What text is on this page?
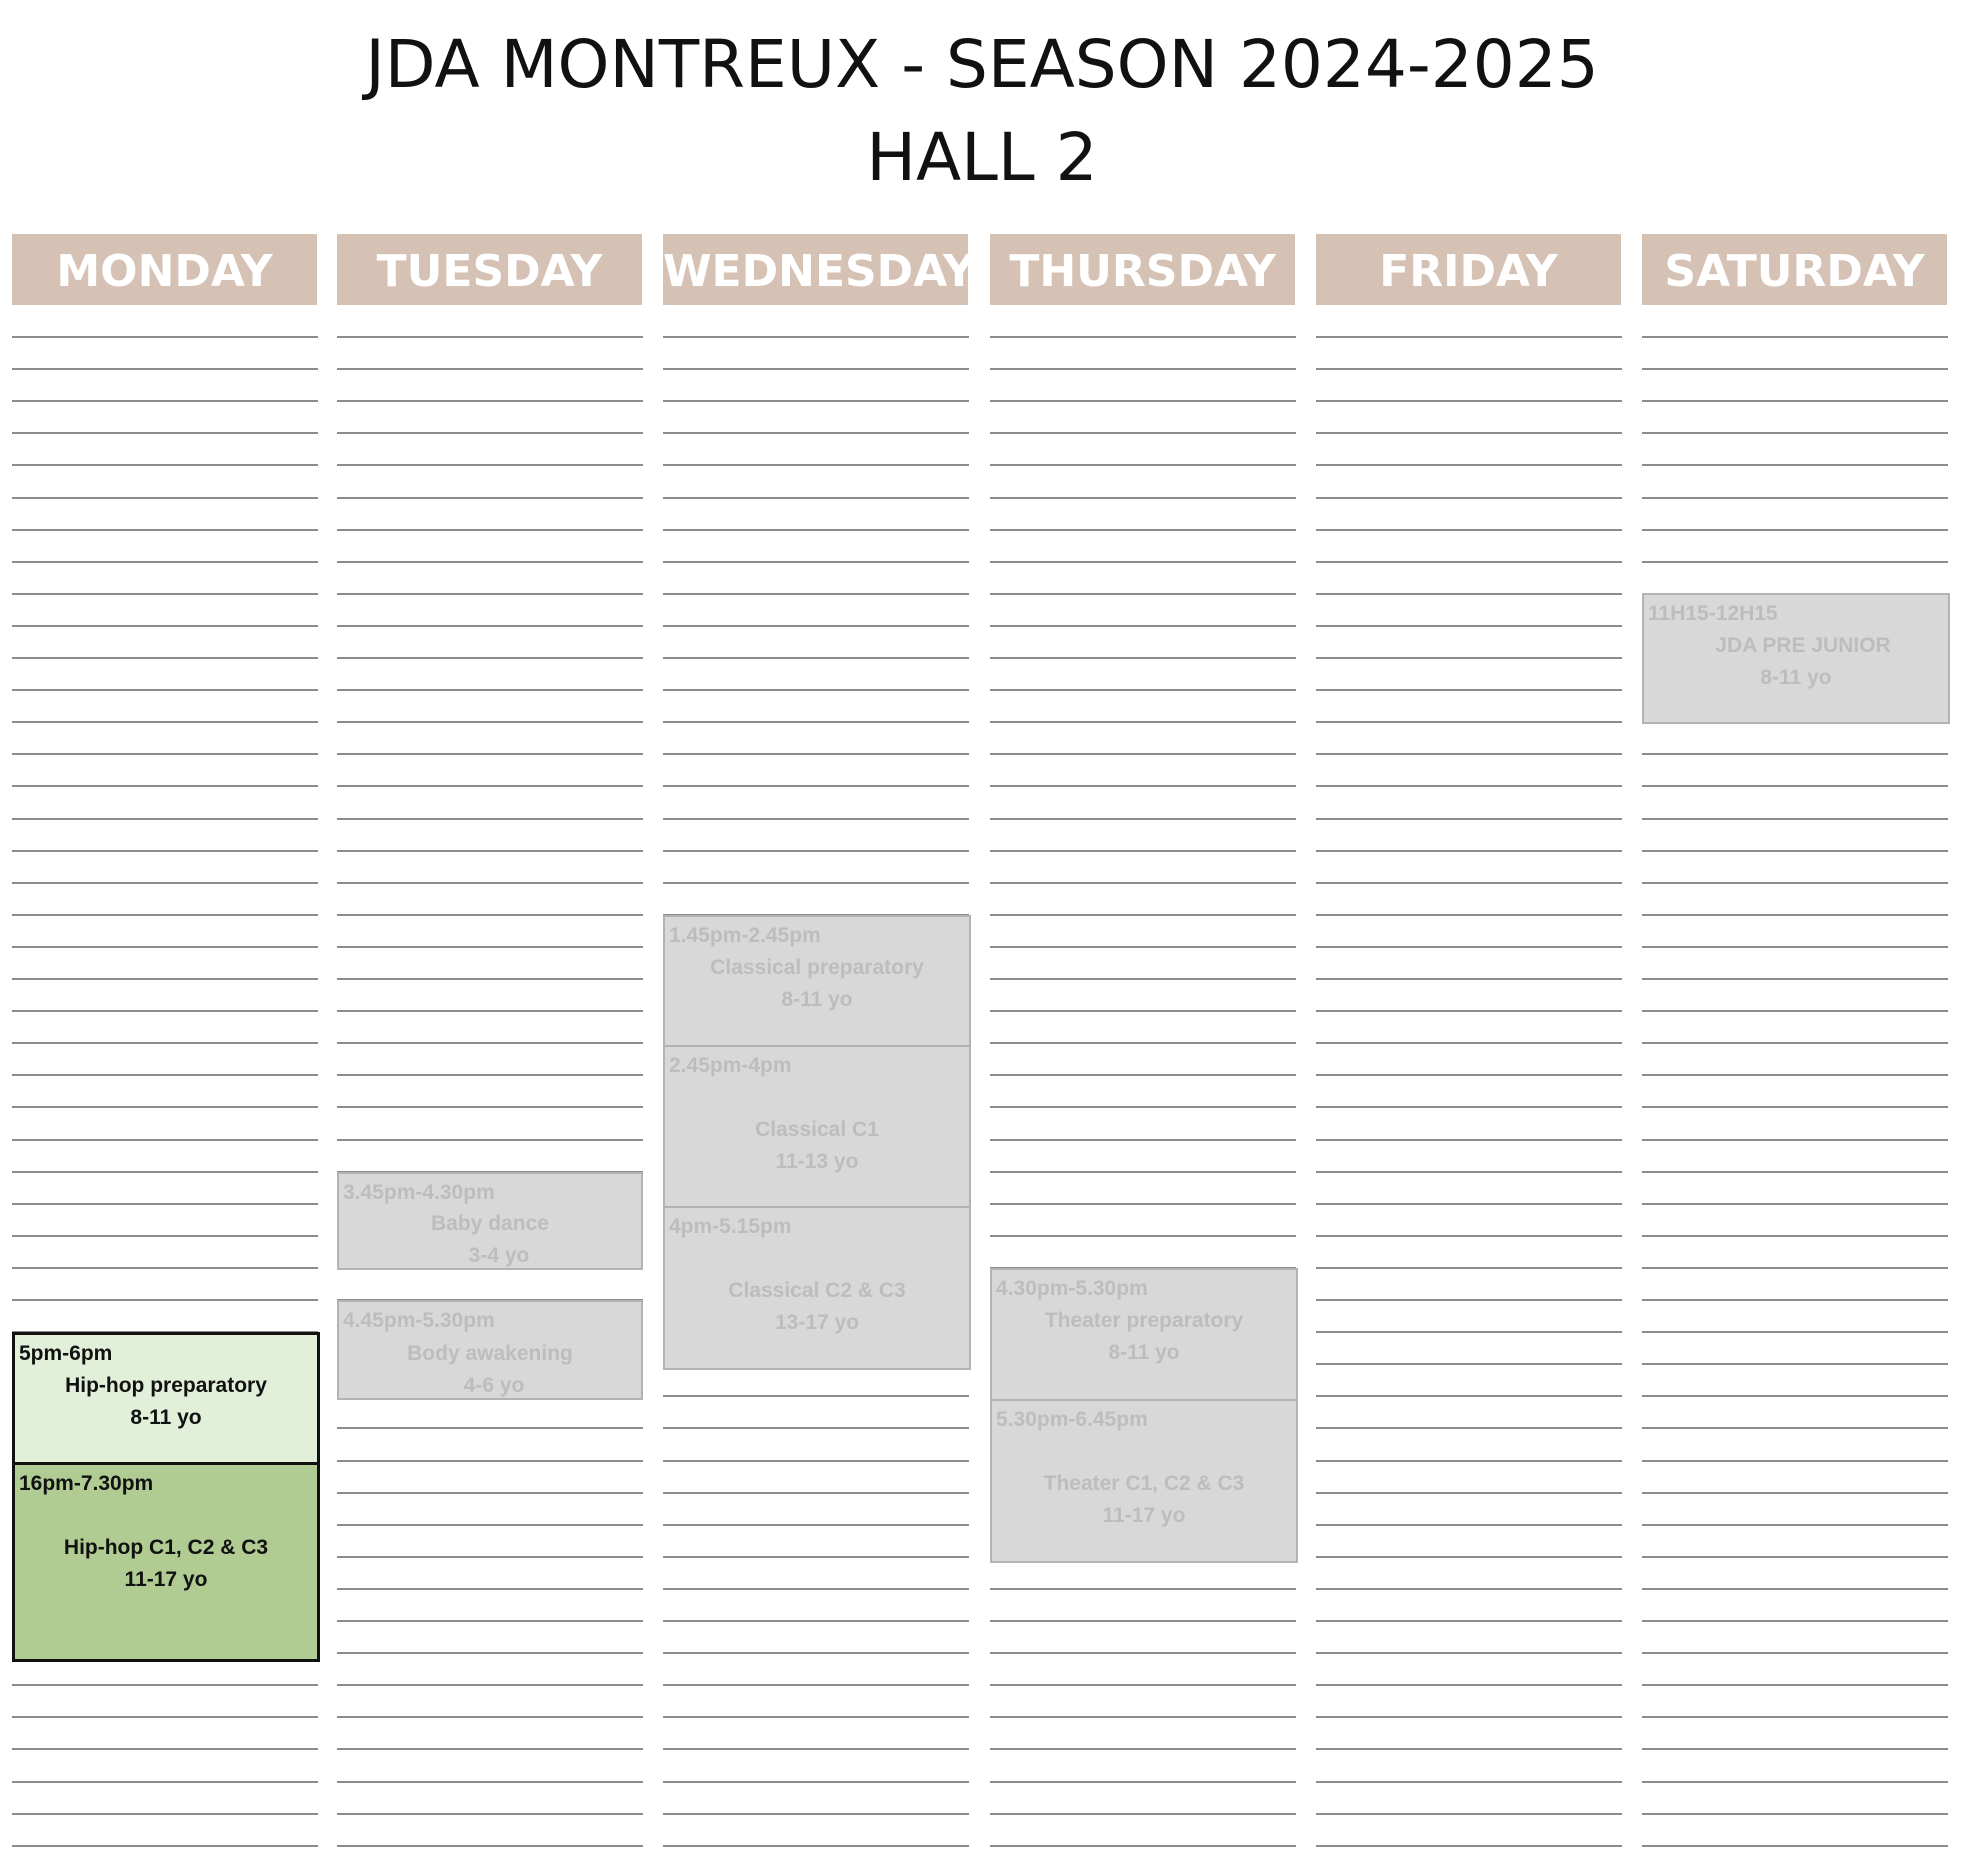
JDA MONTREUX - SEASON 2024-2025
HALL 2
MONDAY
5pm-6pm
Hip-hop preparatory
8-11 yo
16pm-7.30pm
Hip-hop C1, C2 & C3
11-17 yo
TUESDAY
3.45pm-4.30pm
Baby dance
3-4 yo
4.45pm-5.30pm
Body awakening
4-6 yo
WEDNESDAY
1.45pm-2.45pm
Classical preparatory
8-11 yo
2.45pm-4pm
Classical C1
11-13 yo
4pm-5.15pm
Classical C2 & C3
13-17 yo
THURSDAY
4.30pm-5.30pm
Theater preparatory
8-11 yo
5.30pm-6.45pm
Theater C1, C2 & C3
11-17 yo
FRIDAY	SATURDAY
11H15-12H15
JDA PRE JUNIOR
8-11 yo
